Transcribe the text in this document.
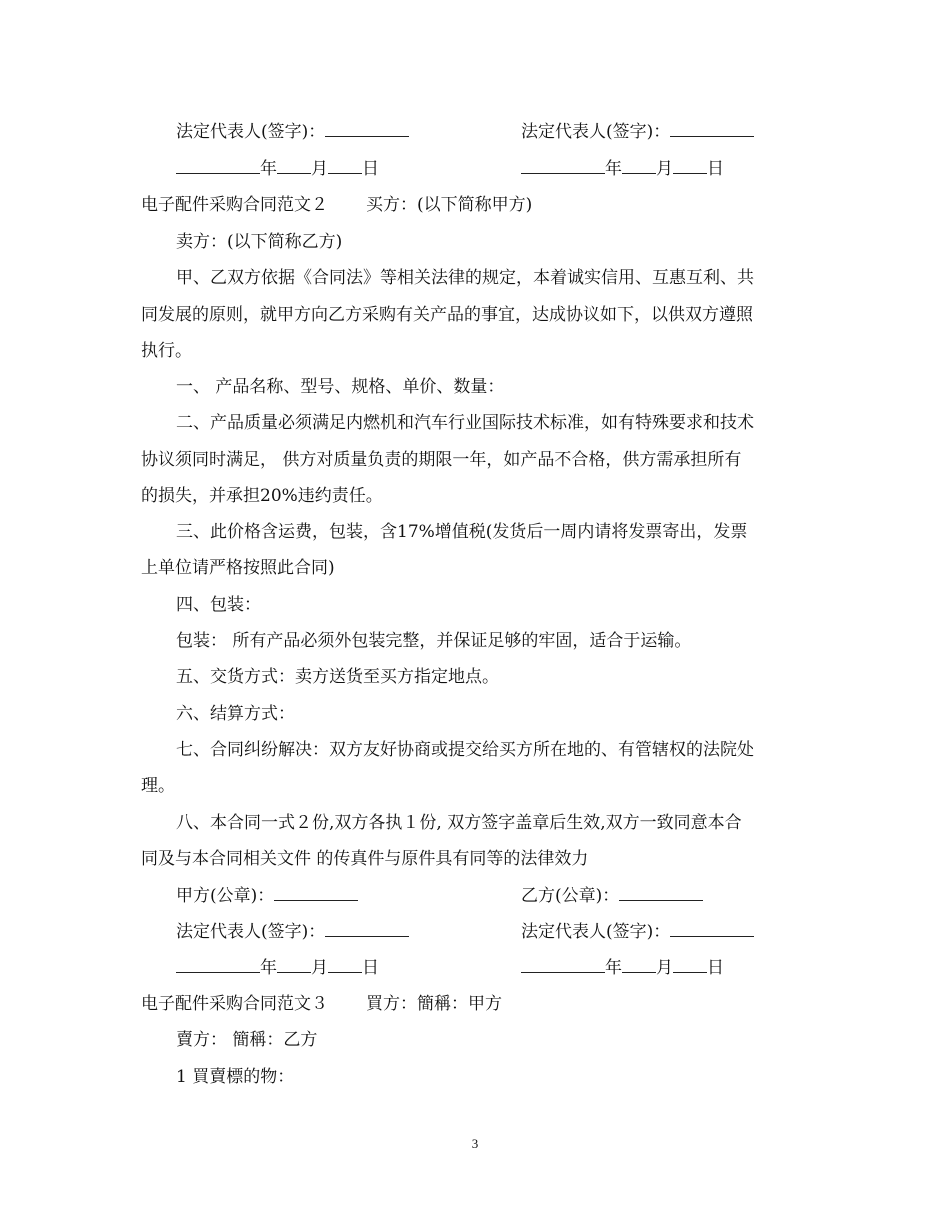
法定代表人(签字)：	法定代表人(签字)：
年 月 日	年 月 日
电子配件采购合同范文２ 买方：(以下简称甲方)
卖方：(以下简称乙方)
甲、乙双方依据《合同法》等相关法律的规定，本着诚实信用、互惠互利、共
同发展的原则，就甲方向乙方采购有关产品的事宜，达成协议如下，以供双方遵照
执行。
一、 产品名称、型号、规格、单价、数量：
二、产品质量必须满足内燃机和汽车行业国际技术标准，如有特殊要求和技术
协议须同时满足， 供方对质量负责的期限一年，如产品不合格，供方需承担所有
的损失，并承担20%违约责任。
三、此价格含运费，包装，含17%增值税(发货后一周内请将发票寄出，发票
上单位请严格按照此合同)
四、包装：
包装： 所有产品必须外包装完整，并保证足够的牢固，适合于运输。
五、交货方式：卖方送货至买方指定地点。
六、结算方式：
七、合同纠纷解决：双方友好协商或提交给买方所在地的、有管辖权的法院处
理。
八、本合同一式２份,双方各执１份, 双方签字盖章后生效,双方一致同意本合
同及与本合同相关文件 的传真件与原件具有同等的法律效力
甲方(公章)：	乙方(公章)：
法定代表人(签字)：	法定代表人(签字)：
年 月 日	年 月 日
电子配件采购合同范文３ 買方：簡稱：甲方
賣方： 簡稱：乙方
1 買賣標的物：
3
